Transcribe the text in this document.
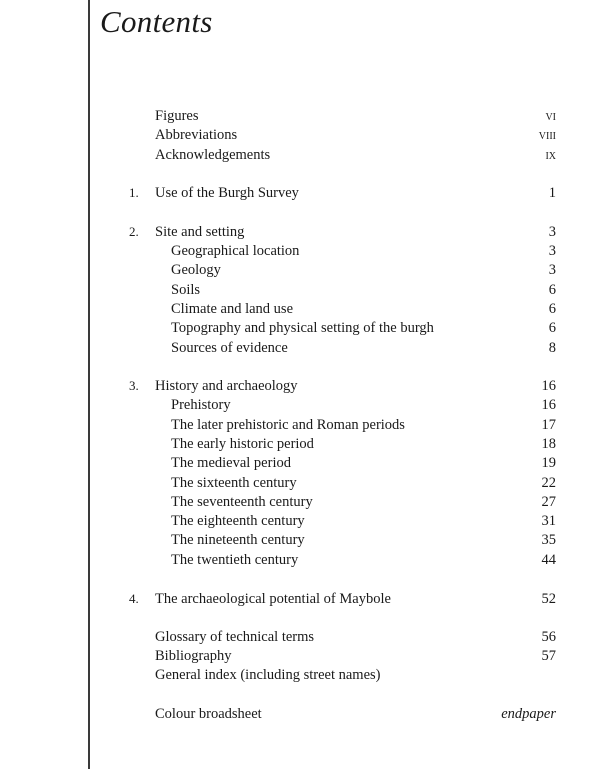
Contents
Figures	vi
Abbreviations	viii
Acknowledgements	ix
1. Use of the Burgh Survey	1
2. Site and setting	3
Geographical location	3
Geology	3
Soils	6
Climate and land use	6
Topography and physical setting of the burgh	6
Sources of evidence	8
3. History and archaeology	16
Prehistory	16
The later prehistoric and Roman periods	17
The early historic period	18
The medieval period	19
The sixteenth century	22
The seventeenth century	27
The eighteenth century	31
The nineteenth century	35
The twentieth century	44
4. The archaeological potential of Maybole	52
Glossary of technical terms	56
Bibliography	57
General index (including street names)
Colour broadsheet	endpaper
